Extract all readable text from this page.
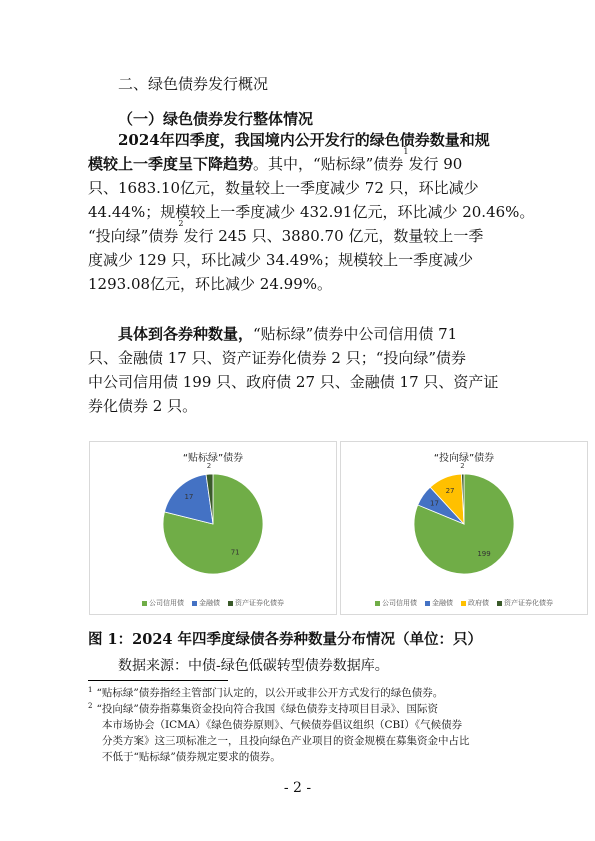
二、绿色债券发行概况
（一）绿色债券发行整体情况
2024年四季度，我国境内公开发行的绿色债券数量和规
模较上一季度呈下降趋势 。其中，“贴标绿”债券
1
发行 90
只、1683.10亿元，数量较上一季度减少 72 只，环比减少
44.44%；规模较上一季度减少 432.91亿元，环比减少 20.46%。
“投向绿”债券
2
发行 245 只、3880.70 亿元，数量较上一季
度减少 129 只，环比减少 34.49%；规模较上一季度减少
1293.08亿元，环比减少 24.99%。
具体到各券种数量， “贴标绿”债券中公司信用债 71
只、金融债 17 只、资产证券化债券 2 只；“投向绿”债券
中公司信用债 199 只、政府债 27 只、金融债 17 只、资产证
券化债券 2 只。
“贴标绿”债券
71
17
2
公司信用债 金融债 资产证券化债券
“投向绿”债券
199
17
27
2
公司信用债 金融债 政府债 资产证券化债券
图 1：2024 年四季度绿债各券种数量分布情况（单位：只）
数据来源：中债-绿色低碳转型债券数据库。
$^1$ “贴标绿”债券指经主管部门认定的，以公开或非公开方式发行的绿色债券。
$^2$ “投向绿”债券指募集资金投向符合我国《绿色债券支持项目目录》、国际资
本市场协会（ICMA）《绿色债券原则》、气候债券倡议组织（CBI）《气候债券
分类方案》这三项标准之一，且投向绿色产业项目的资金规模在募集资金中占比
不低于“贴标绿”债券规定要求的债券。
- 2 -
